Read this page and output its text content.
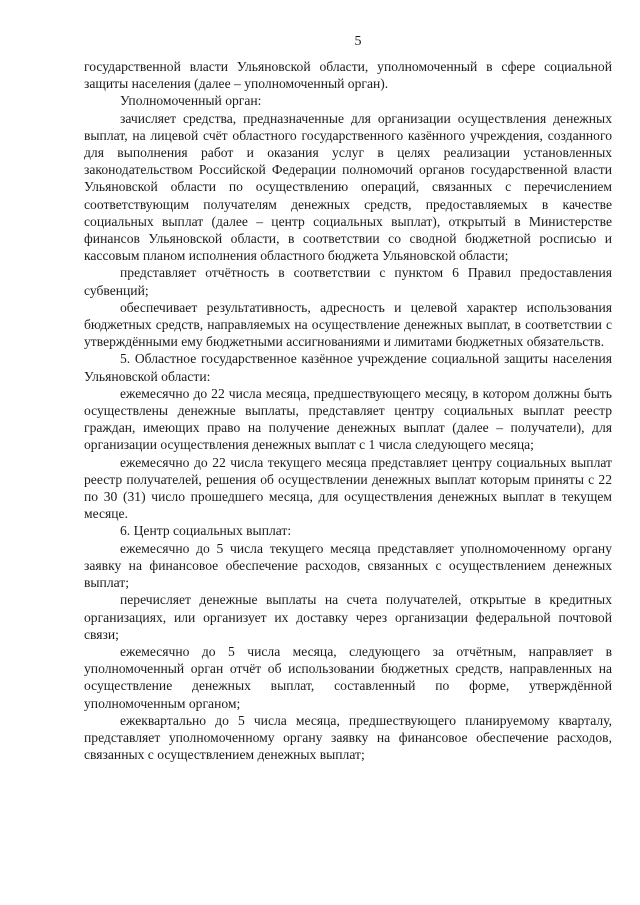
5

государственной власти Ульяновской области, уполномоченный в сфере социальной защиты населения (далее – уполномоченный орган).

Уполномоченный орган:

зачисляет средства, предназначенные для организации осуществления денежных выплат, на лицевой счёт областного государственного казённого учреждения, созданного для выполнения работ и оказания услуг в целях реализации установленных законодательством Российской Федерации полномочий органов государственной власти Ульяновской области по осуществлению операций, связанных с перечислением соответствующим получателям денежных средств, предоставляемых в качестве социальных выплат (далее – центр социальных выплат), открытый в Министерстве финансов Ульяновской области, в соответствии со сводной бюджетной росписью и кассовым планом исполнения областного бюджета Ульяновской области;

представляет отчётность в соответствии с пунктом 6 Правил предоставления субвенций;

обеспечивает результативность, адресность и целевой характер использования бюджетных средств, направляемых на осуществление денежных выплат, в соответствии с утверждёнными ему бюджетными ассигнованиями и лимитами бюджетных обязательств.

5. Областное государственное казённое учреждение социальной защиты населения Ульяновской области:

ежемесячно до 22 числа месяца, предшествующего месяцу, в котором должны быть осуществлены денежные выплаты, представляет центру социальных выплат реестр граждан, имеющих право на получение денежных выплат (далее – получатели), для организации осуществления денежных выплат с 1 числа следующего месяца;

ежемесячно до 22 числа текущего месяца представляет центру социальных выплат реестр получателей, решения об осуществлении денежных выплат которым приняты с 22 по 30 (31) число прошедшего месяца, для осуществления денежных выплат в текущем месяце.

6. Центр социальных выплат:

ежемесячно до 5 числа текущего месяца представляет уполномоченному органу заявку на финансовое обеспечение расходов, связанных с осуществлением денежных выплат;

перечисляет денежные выплаты на счета получателей, открытые в кредитных организациях, или организует их доставку через организации федеральной почтовой связи;

ежемесячно до 5 числа месяца, следующего за отчётным, направляет в уполномоченный орган отчёт об использовании бюджетных средств, направленных на осуществление денежных выплат, составленный по форме, утверждённой уполномоченным органом;

ежеквартально до 5 числа месяца, предшествующего планируемому кварталу, представляет уполномоченному органу заявку на финансовое обеспечение расходов, связанных с осуществлением денежных выплат;
